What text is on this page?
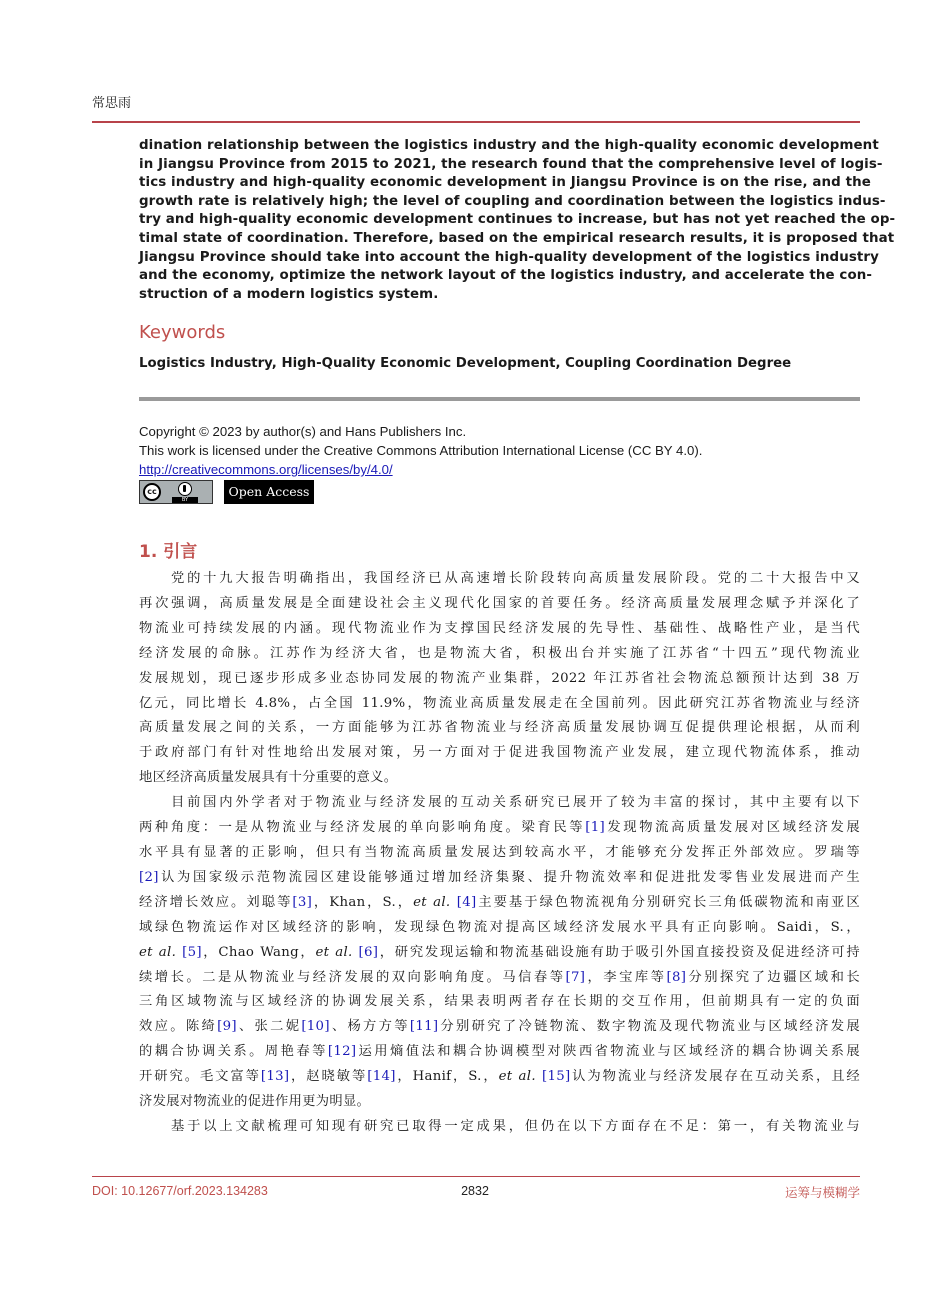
常思雨
dination relationship between the logistics industry and the high-quality economic development
in Jiangsu Province from 2015 to 2021, the research found that the comprehensive level of logis-
tics industry and high-quality economic development in Jiangsu Province is on the rise, and the
growth rate is relatively high; the level of coupling and coordination between the logistics indus-
try and high-quality economic development continues to increase, but has not yet reached the op-
timal state of coordination. Therefore, based on the empirical research results, it is proposed that
Jiangsu Province should take into account the high-quality development of the logistics industry
and the economy, optimize the network layout of the logistics industry, and accelerate the con-
struction of a modern logistics system.
Keywords
Logistics Industry, High-Quality Economic Development, Coupling Coordination Degree
Copyright © 2023 by author(s) and Hans Publishers Inc.
This work is licensed under the Creative Commons Attribution International License (CC BY 4.0).
http://creativecommons.org/licenses/by/4.0/
cc
BY
Open Access
1. 引言
党的十九大报告明确指出，我国经济已从高速增长阶段转向高质量发展阶段。党的二十大报告中又
再次强调，高质量发展是全面建设社会主义现代化国家的首要任务。经济高质量发展理念赋予并深化了
物流业可持续发展的内涵。现代物流业作为支撑国民经济发展的先导性、基础性、战略性产业，是当代
经济发展的命脉。江苏作为经济大省，也是物流大省，积极出台并实施了江苏省“十四五”现代物流业
发展规划，现已逐步形成多业态协同发展的物流产业集群，2022 年江苏省社会物流总额预计达到 38 万
亿元，同比增长 4.8%，占全国 11.9%，物流业高质量发展走在全国前列。因此研究江苏省物流业与经济
高质量发展之间的关系，一方面能够为江苏省物流业与经济高质量发展协调互促提供理论根据，从而利
于政府部门有针对性地给出发展对策，另一方面对于促进我国物流产业发展，建立现代物流体系，推动
地区经济高质量发展具有十分重要的意义。
目前国内外学者对于物流业与经济发展的互动关系研究已展开了较为丰富的探讨，其中主要有以下
两种角度：一是从物流业与经济发展的单向影响角度。梁育民等[1]发现物流高质量发展对区域经济发展
水平具有显著的正影响，但只有当物流高质量发展达到较高水平，才能够充分发挥正外部效应。罗瑞等
[2]认为国家级示范物流园区建设能够通过增加经济集聚、提升物流效率和促进批发零售业发展进而产生
经济增长效应。刘聪等[3]，Khan，S.，et al. [4]主要基于绿色物流视角分别研究长三角低碳物流和南亚区
域绿色物流运作对区域经济的影响，发现绿色物流对提高区域经济发展水平具有正向影响。Saidi，S.，
et al. [5]，Chao Wang，et al. [6]，研究发现运输和物流基础设施有助于吸引外国直接投资及促进经济可持
续增长。二是从物流业与经济发展的双向影响角度。马信春等[7]，李宝库等[8]分别探究了边疆区域和长
三角区域物流与区域经济的协调发展关系，结果表明两者存在长期的交互作用，但前期具有一定的负面
效应。陈绮[9]、张二妮[10]、杨方方等[11]分别研究了冷链物流、数字物流及现代物流业与区域经济发展
的耦合协调关系。周艳春等[12]运用熵值法和耦合协调模型对陕西省物流业与区域经济的耦合协调关系展
开研究。毛文富等[13]，赵晓敏等[14]，Hanif，S.，et al. [15]认为物流业与经济发展存在互动关系，且经
济发展对物流业的促进作用更为明显。
基于以上文献梳理可知现有研究已取得一定成果，但仍在以下方面存在不足：第一，有关物流业与
DOI: 10.12677/orf.2023.134283	2832	运筹与模糊学
